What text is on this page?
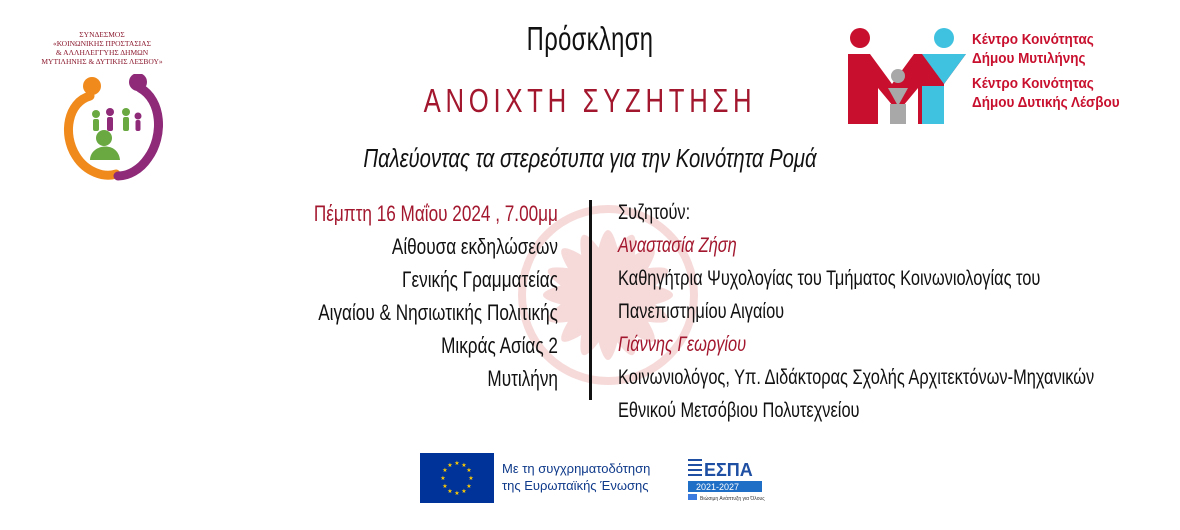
ΣΥΝΔΕΣΜΟΣ
«ΚΟΙΝΩΝΙΚΗΣ ΠΡΟΣΤΑΣΙΑΣ
& ΑΛΛΗΛΕΓΓΥΗΣ ΔΗΜΩΝ
ΜΥΤΙΛΗΝΗΣ & ΔΥΤΙΚΗΣ ΛΕΣΒΟΥ»
Πρόσκληση
ΑΝΟΙΧΤΗ ΣΥΖΗΤΗΣΗ
Παλεύοντας τα στερεότυπα για την Κοινότητα Ρομά
Κέντρο Κοινότητας
Δήμου Μυτιλήνης
Κέντρο Κοινότητας
Δήμου Δυτικής Λέσβου
Πέμπτη 16 Μαΐου 2024 , 7.00μμ
Αίθουσα εκδηλώσεων
Γενικής Γραμματείας
Αιγαίου & Νησιωτικής Πολιτικής
Μικράς Ασίας 2
Μυτιλήνη
Συζητούν:
Αναστασία Ζήση
Καθηγήτρια Ψυχολογίας του Τμήματος Κοινωνιολογίας του
Πανεπιστημίου Αιγαίου
Γιάννης Γεωργίου
Κοινωνιολόγος, Υπ. Διδάκτορας Σχολής Αρχιτεκτόνων-Μηχανικών
Εθνικού Μετσόβιου Πολυτεχνείου
★ ★
★
★
★
★
★
★
★
★
★
★	Με τη συγχρηματοδότηση
της Ευρωπαϊκής Ένωσης
ΕΣΠΑ
2021-2027
Βιώσιμη Ανάπτυξη για Όλους
